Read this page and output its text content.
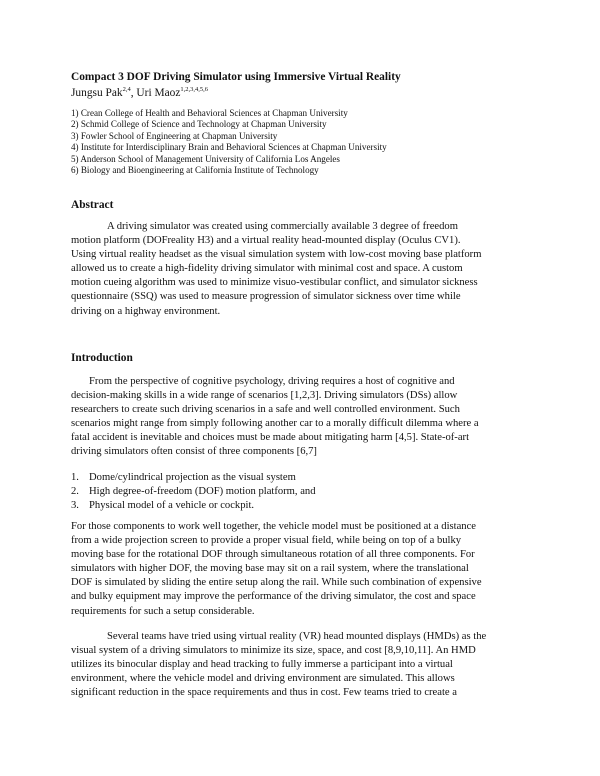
Compact 3 DOF Driving Simulator using Immersive Virtual Reality
Jungsu Pak$^{2,4}$, Uri Maoz$^{1,2,3,4,5,6}$
1) Crean College of Health and Behavioral Sciences at Chapman University
2) Schmid College of Science and Technology at Chapman University
3) Fowler School of Engineering at Chapman University
4) Institute for Interdisciplinary Brain and Behavioral Sciences at Chapman University
5) Anderson School of Management University of California Los Angeles
6) Biology and Bioengineering at California Institute of Technology
Abstract
A driving simulator was created using commercially available 3 degree of freedom
motion platform (DOFreality H3) and a virtual reality head-mounted display (Oculus CV1).
Using virtual reality headset as the visual simulation system with low-cost moving base platform
allowed us to create a high-fidelity driving simulator with minimal cost and space. A custom
motion cueing algorithm was used to minimize visuo-vestibular conflict, and simulator sickness
questionnaire (SSQ) was used to measure progression of simulator sickness over time while
driving on a highway environment.
Introduction
From the perspective of cognitive psychology, driving requires a host of cognitive and
decision-making skills in a wide range of scenarios [1,2,3]. Driving simulators (DSs) allow
researchers to create such driving scenarios in a safe and well controlled environment. Such
scenarios might range from simply following another car to a morally difficult dilemma where a
fatal accident is inevitable and choices must be made about mitigating harm [4,5]. State-of-art
driving simulators often consist of three components [6,7]
1. Dome/cylindrical projection as the visual system
2. High degree-of-freedom (DOF) motion platform, and
3. Physical model of a vehicle or cockpit.
For those components to work well together, the vehicle model must be positioned at a distance
from a wide projection screen to provide a proper visual field, while being on top of a bulky
moving base for the rotational DOF through simultaneous rotation of all three components. For
simulators with higher DOF, the moving base may sit on a rail system, where the translational
DOF is simulated by sliding the entire setup along the rail. While such combination of expensive
and bulky equipment may improve the performance of the driving simulator, the cost and space
requirements for such a setup considerable.
Several teams have tried using virtual reality (VR) head mounted displays (HMDs) as the
visual system of a driving simulators to minimize its size, space, and cost [8,9,10,11]. An HMD
utilizes its binocular display and head tracking to fully immerse a participant into a virtual
environment, where the vehicle model and driving environment are simulated. This allows
significant reduction in the space requirements and thus in cost. Few teams tried to create a
